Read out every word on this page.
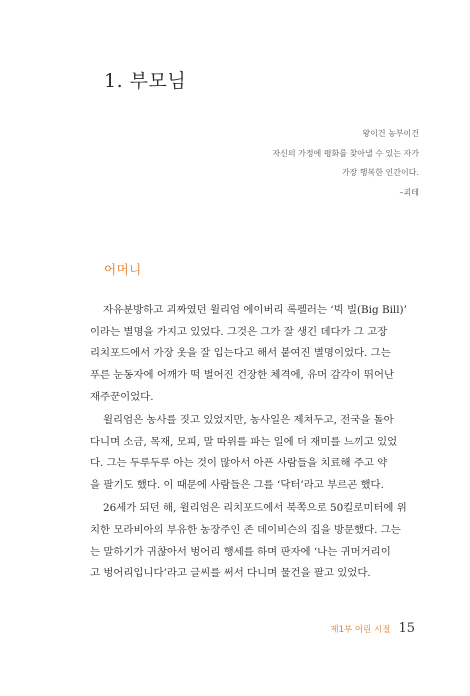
1. 부모님
왕이건 농부이건
자신의 가정에 평화를 찾아낼 수 있는 자가
가장 행복한 인간이다.
–괴테
어머니

자유분방하고 괴짜였던 윌리엄 에이버리 록펠러는 ‘빅 빌(Big Bill)’
이라는 별명을 가지고 있었다. 그것은 그가 잘 생긴 데다가 그 고장
리치포드에서 가장 옷을 잘 입는다고 해서 붙여진 별명이었다. 그는
푸른 눈동자에 어깨가 떡 벌어진 건장한 체격에, 유머 감각이 뛰어난
재주꾼이었다.

윌리엄은 농사를 짓고 있었지만, 농사일은 제쳐두고, 전국을 돌아
다니며 소금, 목재, 모피, 말 따위를 파는 일에 더 재미를 느끼고 있었
다. 그는 두루두루 아는 것이 많아서 아픈 사람들을 치료해 주고 약
을 팔기도 했다. 이 때문에 사람들은 그를 ‘닥터’라고 부르곤 했다.

26세가 되던 해, 윌리엄은 리치포드에서 북쪽으로 50킬로미터에 위
치한 모라비아의 부유한 농장주인 존 데이비슨의 집을 방문했다. 그는
는 말하기가 귀찮아서 벙어리 행세를 하며 판자에 ‘나는 귀머거리이
고 벙어리입니다’라고 글씨를 써서 다니며 물건을 팔고 있었다.

제1부 어린 시절 15
